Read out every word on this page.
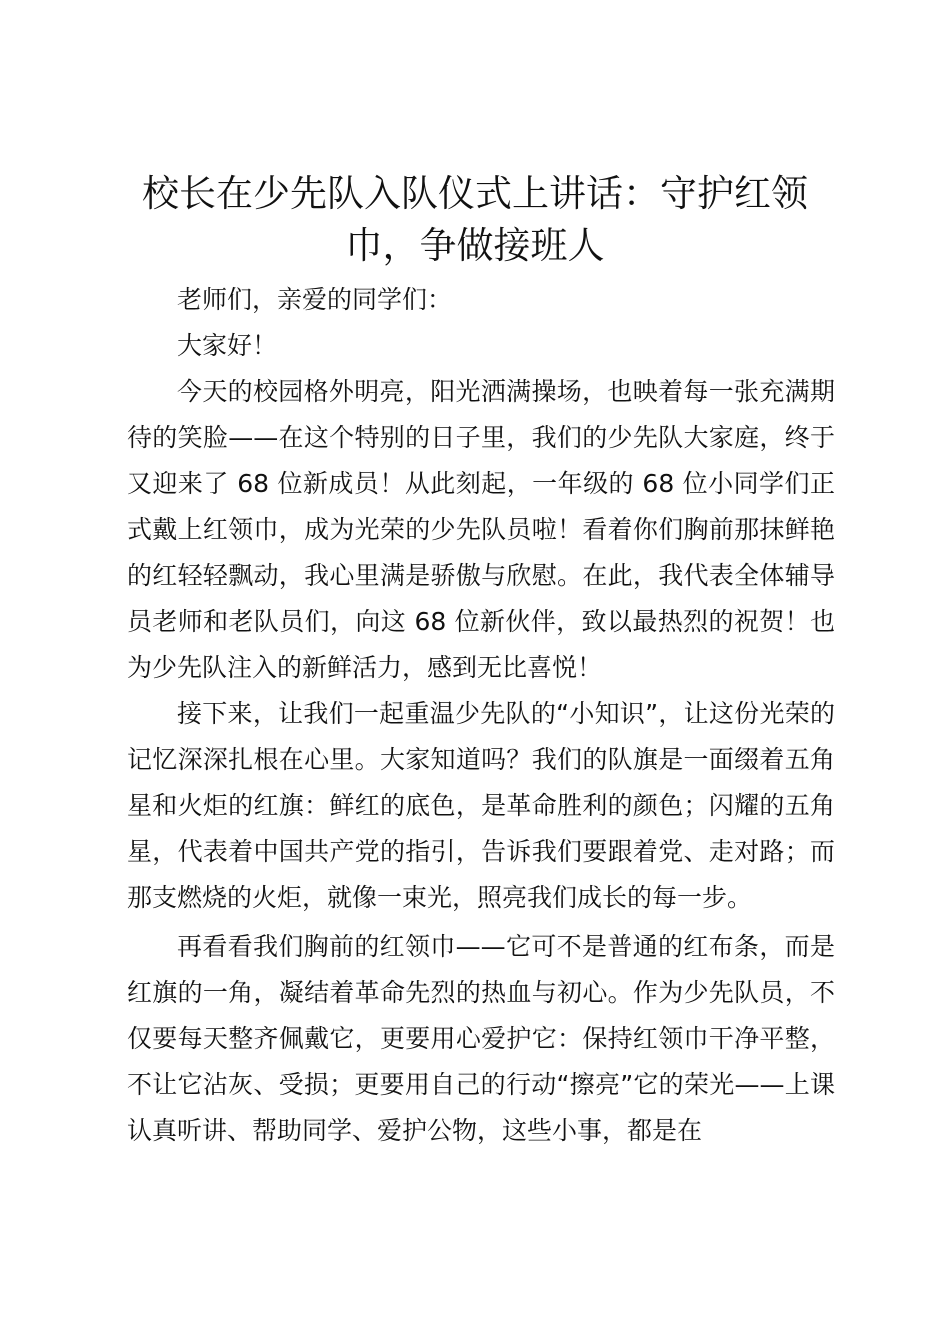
校长在少先队入队仪式上讲话：守护红领巾，争做接班人

老师们，亲爱的同学们：

大家好！

今天的校园格外明亮，阳光洒满操场，也映着每一张充满期待的笑脸——在这个特别的日子里，我们的少先队大家庭，终于又迎来了 68 位新成员！从此刻起，一年级的 68 位小同学们正式戴上红领巾，成为光荣的少先队员啦！看着你们胸前那抹鲜艳的红轻轻飘动，我心里满是骄傲与欣慰。在此，我代表全体辅导员老师和老队员们，向这 68 位新伙伴，致以最热烈的祝贺！也为少先队注入的新鲜活力，感到无比喜悦！

接下来，让我们一起重温少先队的“小知识”，让这份光荣的记忆深深扎根在心里。大家知道吗？我们的队旗是一面缀着五角星和火炬的红旗：鲜红的底色，是革命胜利的颜色；闪耀的五角星，代表着中国共产党的指引，告诉我们要跟着党、走对路；而那支燃烧的火炬，就像一束光，照亮我们成长的每一步。

再看看我们胸前的红领巾——它可不是普通的红布条，而是红旗的一角，凝结着革命先烈的热血与初心。作为少先队员，不仅要每天整齐佩戴它，更要用心爱护它：保持红领巾干净平整，不让它沾灰、受损；更要用自己的行动“擦亮”它的荣光——上课认真听讲、帮助同学、爱护公物，这些小事，都是在
